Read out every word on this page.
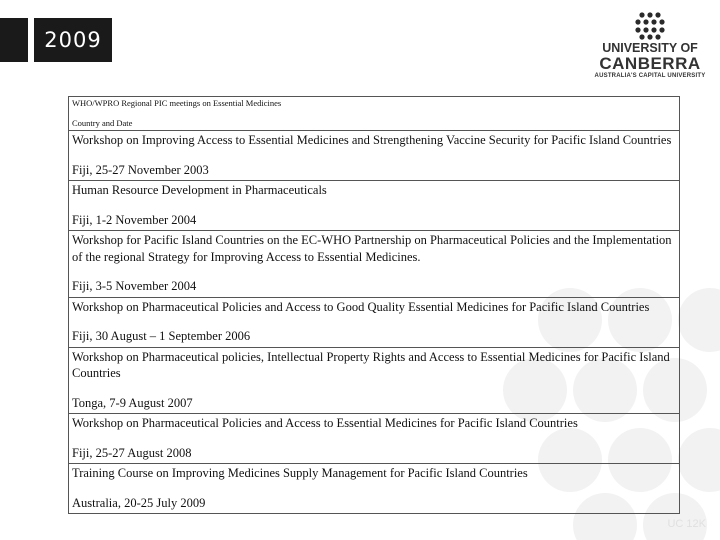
2009	UNIVERSITY OF
CANBERRA
AUSTRALIA'S CAPITAL UNIVERSITY
WHO/WPRO Regional PIC meetings on Essential Medicines
Country and Date

Workshop on Improving Access to Essential Medicines and Strengthening Vaccine Security for Pacific Island Countries
Fiji, 25-27 November 2003

Human Resource Development in Pharmaceuticals
Fiji, 1-2 November 2004

Workshop for Pacific Island Countries on the EC-WHO Partnership on Pharmaceutical Policies and the Implementation of the regional Strategy for Improving Access to Essential Medicines.
Fiji, 3-5 November 2004

Workshop on Pharmaceutical Policies and Access to Good Quality Essential Medicines for Pacific Island Countries
Fiji, 30 August – 1 September 2006

Workshop on Pharmaceutical policies, Intellectual Property Rights and Access to Essential Medicines for Pacific Island Countries
Tonga, 7-9 August 2007

Workshop on Pharmaceutical Policies and Access to Essential Medicines for Pacific Island Countries
Fiji, 25-27 August 2008

Training Course on Improving Medicines Supply Management for Pacific Island Countries
Australia, 20-25 July 2009
UC 12K
